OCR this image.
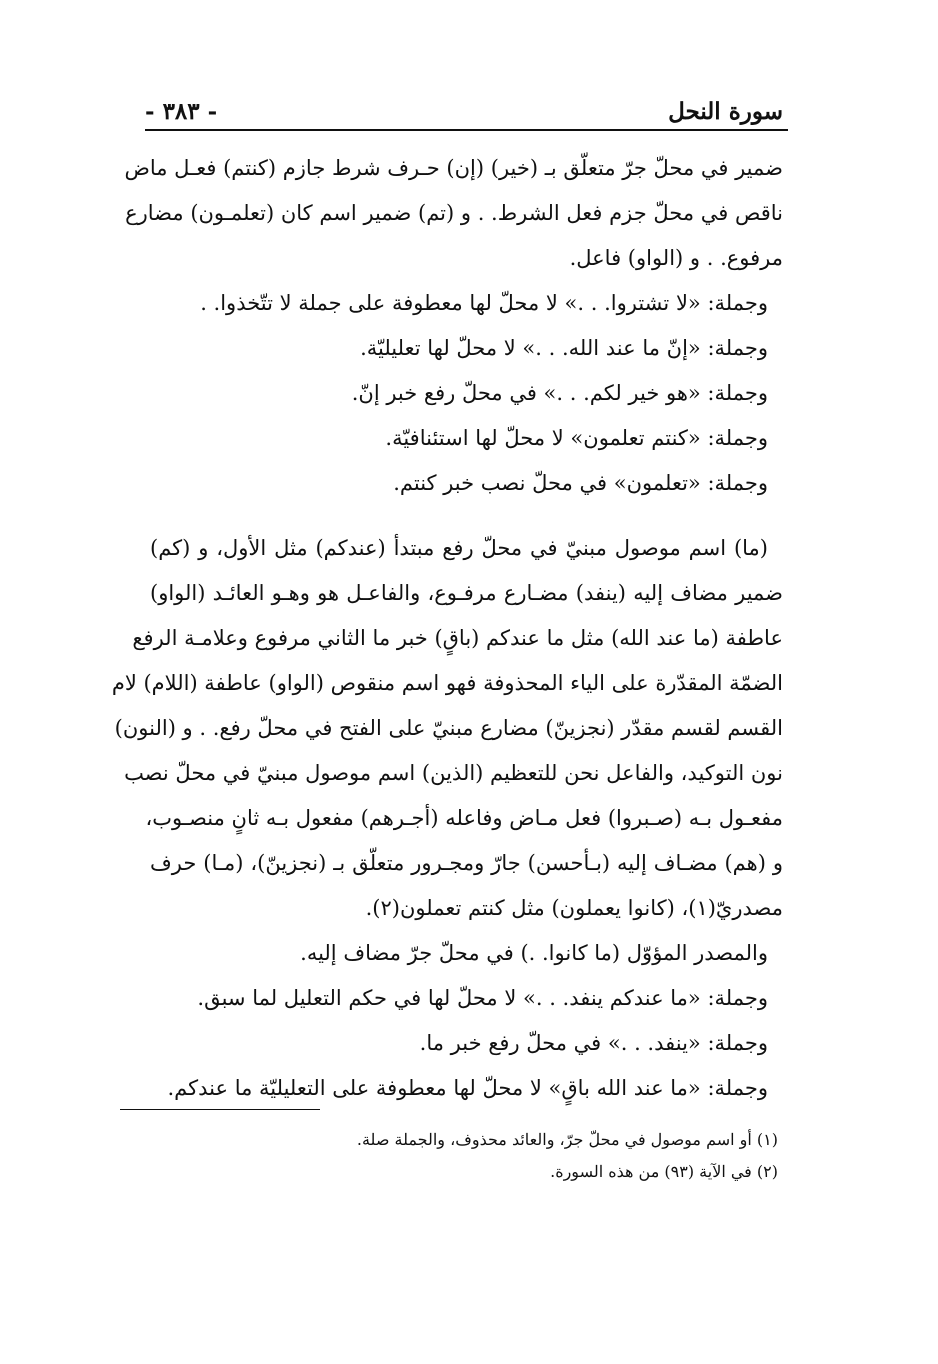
سورة النحل
- ٣٨٣ -
ضمير في محلّ جرّ متعلّق بـ (خير) (إن) حـرف شرط جازم (كنتم) فعـل ماض
ناقص في محلّ جزم فعل الشرط. . و (تم) ضمير اسم كان (تعلمـون) مضارع
مرفوع. . و (الواو) فاعل.
وجملة: «لا تشتروا. . .» لا محلّ لها معطوفة على جملة لا تتّخذوا. .
وجملة: «إنّ ما عند الله. . .» لا محلّ لها تعليليّة.
وجملة: «هو خير لكم. . .» في محلّ رفع خبر إنّ.
وجملة: «كنتم تعلمون» لا محلّ لها استئنافيّة.
وجملة: «تعلمون» في محلّ نصب خبر كنتم.
(ما) اسم موصول مبنيّ في محلّ رفع مبتدأ (عندكم) مثل الأول، و (كم)
ضمير مضاف إليه (ينفد) مضـارع مرفـوع، والفاعـل هو وهـو العائـد (الواو)
عاطفة (ما عند الله) مثل ما عندكم (باقٍ) خبر ما الثاني مرفوع وعلامـة الرفع
الضمّة المقدّرة على الياء المحذوفة فهو اسم منقوص (الواو) عاطفة (اللام) لام
القسم لقسم مقدّر (نجزينّ) مضارع مبنيّ على الفتح في محلّ رفع. . و (النون)
نون التوكيد، والفاعل نحن للتعظيم (الذين) اسم موصول مبنيّ في محلّ نصب
مفعـول بـه (صـبروا) فعل مـاض وفاعله (أجـرهم) مفعول بـه ثانٍ منصـوب،
و (هم) مضـاف إليه (بـأحسن) جارّ ومجـرور متعلّق بـ (نجزينّ)، (مـا) حرف
مصدريّ(١)، (كانوا يعملون) مثل كنتم تعملون(٢).
والمصدر المؤوّل (ما كانوا. .) في محلّ جرّ مضاف إليه.
وجملة: «ما عندكم ينفد. . .» لا محلّ لها في حكم التعليل لما سبق.
وجملة: «ينفد. . .» في محلّ رفع خبر ما.
وجملة: «ما عند الله باقٍ» لا محلّ لها معطوفة على التعليليّة ما عندكم.
(١) أو اسم موصول في محلّ جرّ، والعائد محذوف، والجملة صلة.
(٢) في الآية (٩٣) من هذه السورة.
